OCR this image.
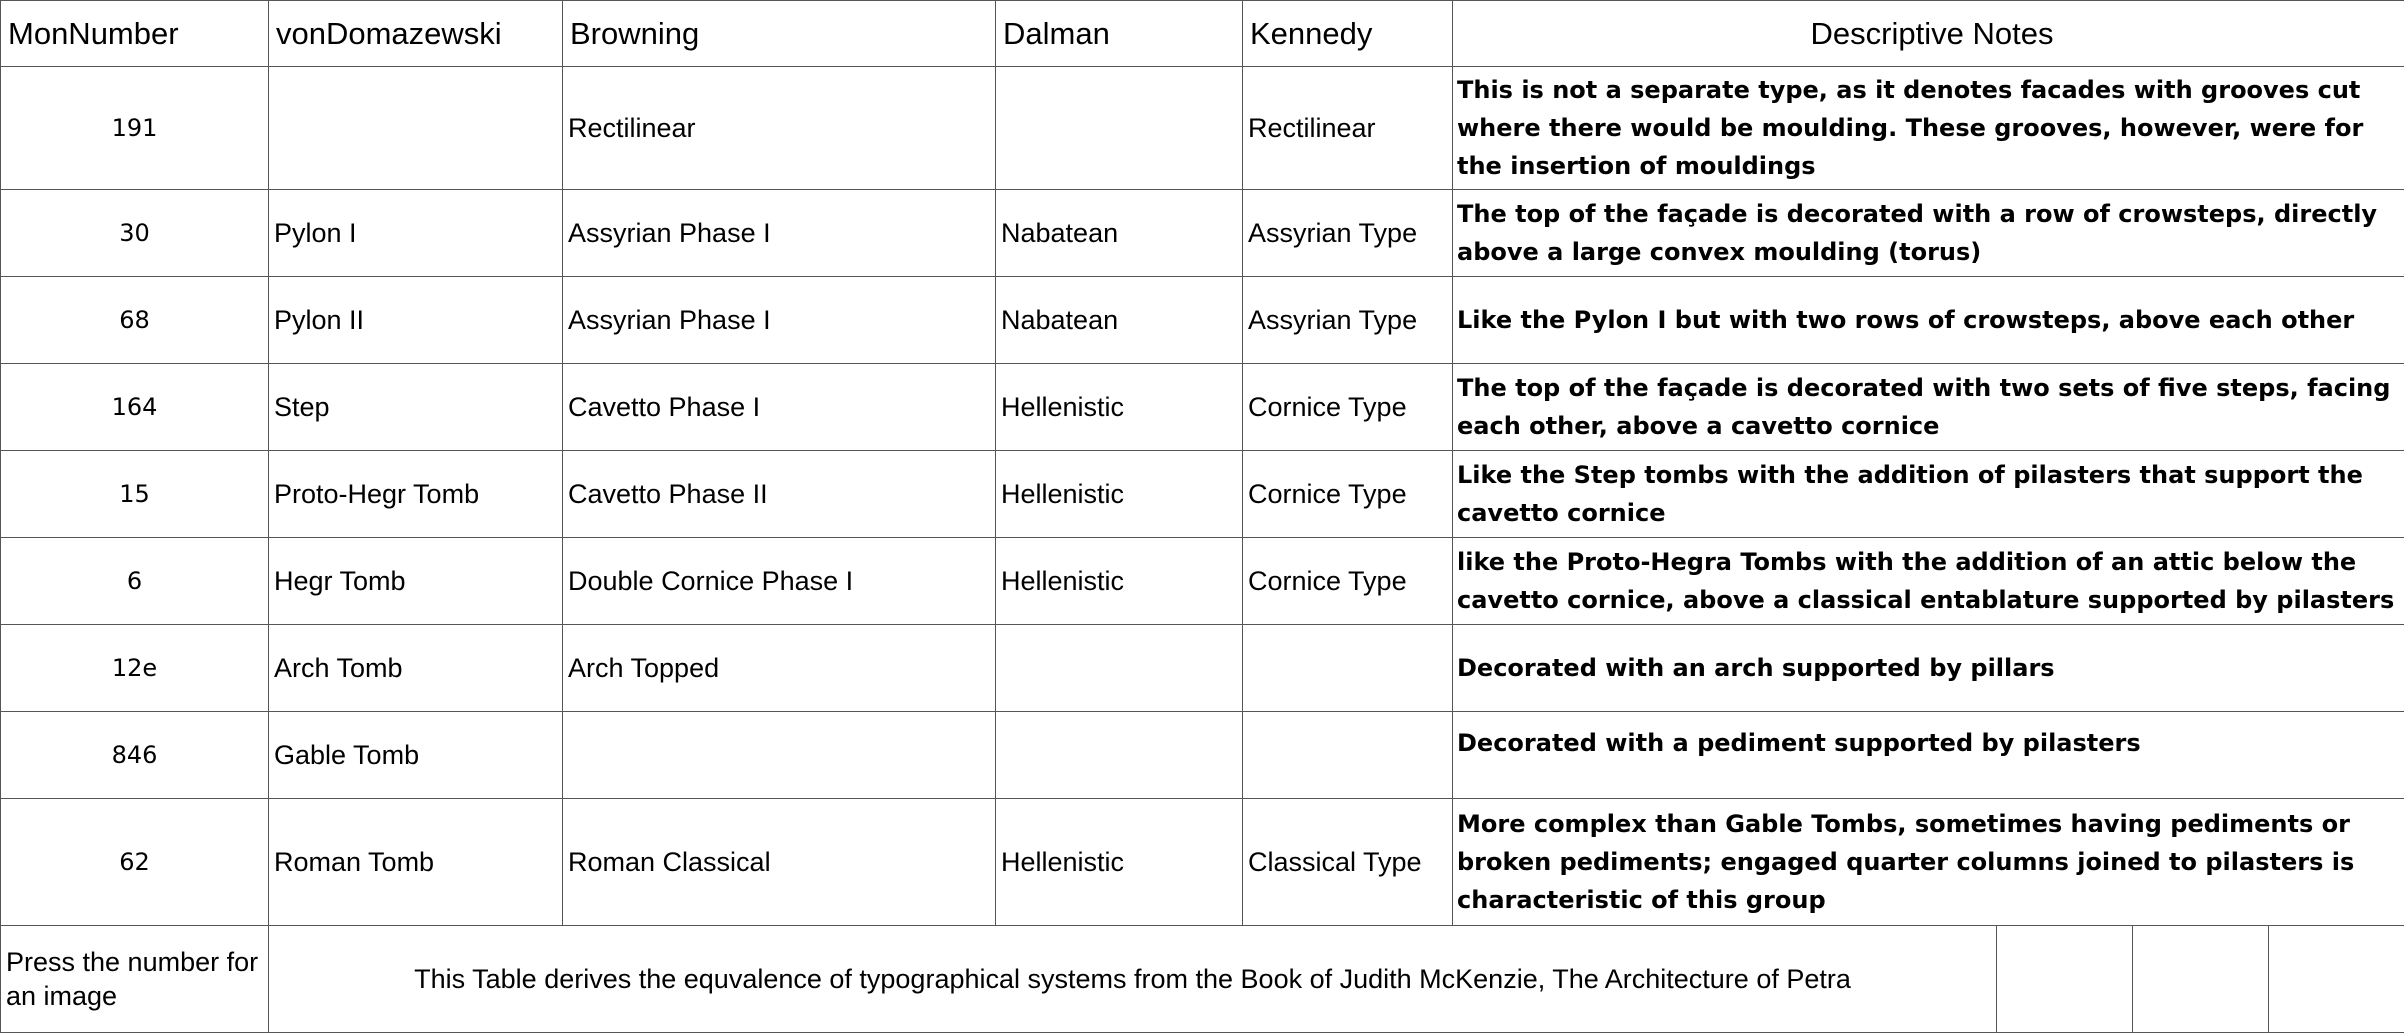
MonNumber	vonDomazewski	Browning	Dalman	Kennedy	Descriptive Notes
191		Rectilinear		Rectilinear	This is not a separate type, as it denotes facades with grooves cut where there would be moulding. These grooves, however, were for the insertion of mouldings
30	Pylon I	Assyrian Phase I	Nabatean	Assyrian Type	The top of the façade is decorated with a row of crowsteps, directly above a large convex moulding (torus)
68	Pylon II	Assyrian Phase I	Nabatean	Assyrian Type	Like the Pylon I but with two rows of crowsteps, above each other
164	Step	Cavetto Phase I	Hellenistic	Cornice Type	The top of the façade is decorated with two sets of five steps, facing each other, above a cavetto cornice
15	Proto-Hegr Tomb	Cavetto Phase II	Hellenistic	Cornice Type	Like the Step tombs with the addition of pilasters that support the cavetto cornice
6	Hegr Tomb	Double Cornice Phase I	Hellenistic	Cornice Type	like the Proto-Hegra Tombs with the addition of an attic below the cavetto cornice, above a classical entablature supported by pilasters
12e	Arch Tomb	Arch Topped			Decorated with an arch supported by pillars
846	Gable Tomb				Decorated with a pediment supported by pilasters
62	Roman Tomb	Roman Classical	Hellenistic	Classical Type	More complex than Gable Tombs, sometimes having pediments or broken pediments; engaged quarter columns joined to pilasters is characteristic of this group
Press the number for an image	This Table derives the equvalence of typographical systems from the Book of Judith McKenzie, The Architecture of Petra			
